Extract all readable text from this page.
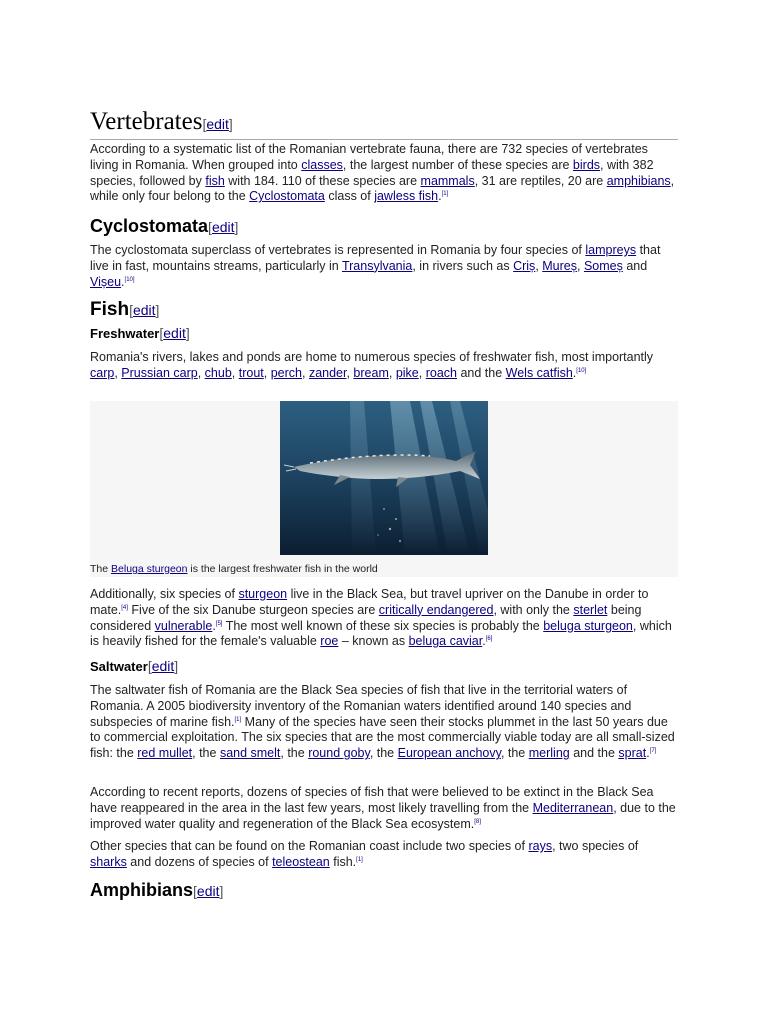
Vertebrates[edit]

According to a systematic list of the Romanian vertebrate fauna, there are 732 species of vertebrates living in Romania. When grouped into classes, the largest number of these species are birds, with 382 species, followed by fish with 184. 110 of these species are mammals, 31 are reptiles, 20 are amphibians, while only four belong to the Cyclostomata class of jawless fish.[1]

Cyclostomata[edit]

The cyclostomata superclass of vertebrates is represented in Romania by four species of lampreys that live in fast, mountains streams, particularly in Transylvania, in rivers such as Criș, Mureș, Someș and Vișeu.[10]

Fish[edit]
Freshwater[edit]

Romania's rivers, lakes and ponds are home to numerous species of freshwater fish, most importantly carp, Prussian carp, chub, trout, perch, zander, bream, pike, roach and the Wels catfish.[10]

The Beluga sturgeon is the largest freshwater fish in the world

Additionally, six species of sturgeon live in the Black Sea, but travel upriver on the Danube in order to mate.[4] Five of the six Danube sturgeon species are critically endangered, with only the sterlet being considered vulnerable.[5] The most well known of these six species is probably the beluga sturgeon, which is heavily fished for the female's valuable roe – known as beluga caviar.[6]

Saltwater[edit]

The saltwater fish of Romania are the Black Sea species of fish that live in the territorial waters of Romania. A 2005 biodiversity inventory of the Romanian waters identified around 140 species and subspecies of marine fish.[1] Many of the species have seen their stocks plummet in the last 50 years due to commercial exploitation. The six species that are the most commercially viable today are all small-sized fish: the red mullet, the sand smelt, the round goby, the European anchovy, the merling and the sprat.[7]

According to recent reports, dozens of species of fish that were believed to be extinct in the Black Sea have reappeared in the area in the last few years, most likely travelling from the Mediterranean, due to the improved water quality and regeneration of the Black Sea ecosystem.[8]

Other species that can be found on the Romanian coast include two species of rays, two species of sharks and dozens of species of teleostean fish.[1]

Amphibians[edit]
